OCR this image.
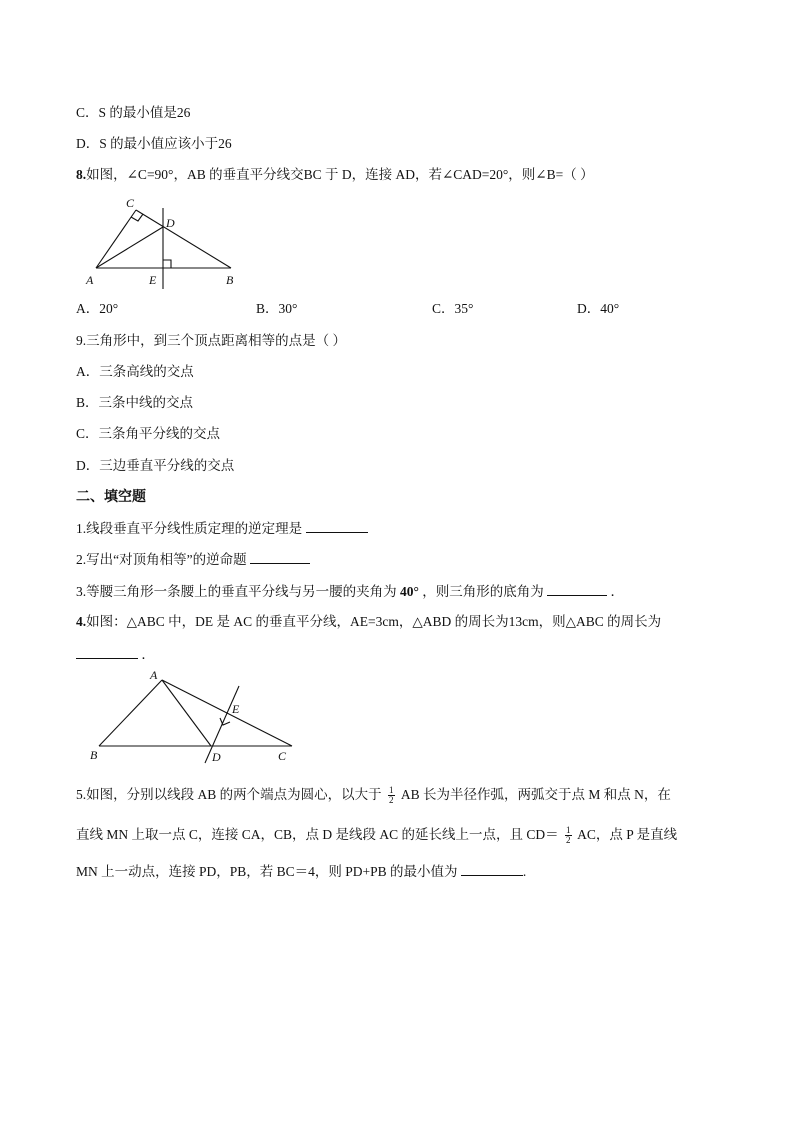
C．S 的最小值是26
D．S 的最小值应该小于26
8.如图，∠C=90°，AB 的垂直平分线交BC 于 D，连接 AD，若∠CAD=20°，则∠B=（ ）
C
D
A	E	B
A．20°	B．30°	C．35°	D．40°
9.三角形中，到三个顶点距离相等的点是（ ）
A．三条高线的交点
B．三条中线的交点
C．三条角平分线的交点
D．三边垂直平分线的交点
二、填空题
1.线段垂直平分线性质定理的逆定理是
2.写出“对顶角相等”的逆命题
3.等腰三角形一条腰上的垂直平分线与另一腰的夹角为 40° ，则三角形的底角为	．
4.如图：△ABC 中，DE 是 AC 的垂直平分线，AE=3cm，△ABD 的周长为13cm，则△ABC 的周长为
．
A
E
B	D	C
5.如图，分别以线段 AB 的两个端点为圆心，以大于 $\frac{1}{2}$ AB 长为半径作弧，两弧交于点 M 和点 N，在
直线 MN 上取一点 C，连接 CA，CB，点 D 是线段 AC 的延长线上一点，且 $CD= \frac{1}{2}$ AC，点 P 是直线
MN 上一动点，连接 PD，PB，若 BC＝4，则 PD+PB 的最小值为	.
